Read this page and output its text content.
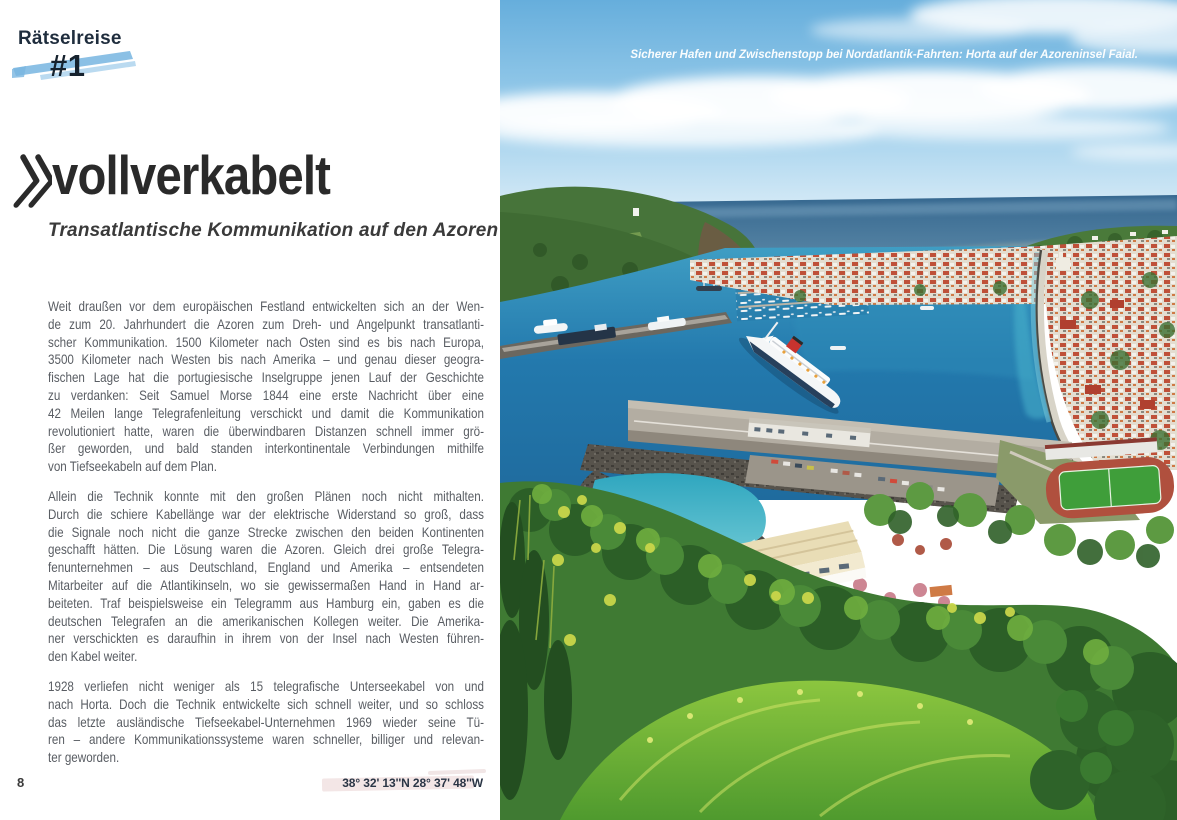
Rätselreise
#1
vollverkabelt
Transatlantische Kommunikation auf den Azoren
Weit draußen vor dem europäischen Festland entwickelten sich an der Wen-
de zum 20. Jahrhundert die Azoren zum Dreh- und Angelpunkt transatlanti-
scher Kommunikation. 1500 Kilometer nach Osten sind es bis nach Europa,
3500 Kilometer nach Westen bis nach Amerika – und genau dieser geogra-
fischen Lage hat die portugiesische Inselgruppe jenen Lauf der Geschichte
zu verdanken: Seit Samuel Morse 1844 eine erste Nachricht über eine
42 Meilen lange Telegrafenleitung verschickt und damit die Kommunikation
revolutioniert hatte, waren die überwindbaren Distanzen schnell immer grö-
ßer geworden, und bald standen interkontinentale Verbindungen mithilfe
von Tiefseekabeln auf dem Plan.
Allein die Technik konnte mit den großen Plänen noch nicht mithalten.
Durch die schiere Kabellänge war der elektrische Widerstand so groß, dass
die Signale noch nicht die ganze Strecke zwischen den beiden Kontinenten
geschafft hätten. Die Lösung waren die Azoren. Gleich drei große Telegra-
fenunternehmen – aus Deutschland, England und Amerika – entsendeten
Mitarbeiter auf die Atlantikinseln, wo sie gewissermaßen Hand in Hand ar-
beiteten. Traf beispielsweise ein Telegramm aus Hamburg ein, gaben es die
deutschen Telegrafen an die amerikanischen Kollegen weiter. Die Amerika-
ner verschickten es daraufhin in ihrem von der Insel nach Westen führen-
den Kabel weiter.
1928 verliefen nicht weniger als 15 telegrafische Unterseekabel von und
nach Horta. Doch die Technik entwickelte sich schnell weiter, und so schloss
das letzte ausländische Tiefseekabel-Unternehmen 1969 wieder seine Tü-
ren – andere Kommunikationssysteme waren schneller, billiger und relevan-
ter geworden.
8	38° 32' 13''N 28° 37' 48''W
Sicherer Hafen und Zwischenstopp bei Nordatlantik-Fahrten: Horta auf der Azoreninsel Faial.
